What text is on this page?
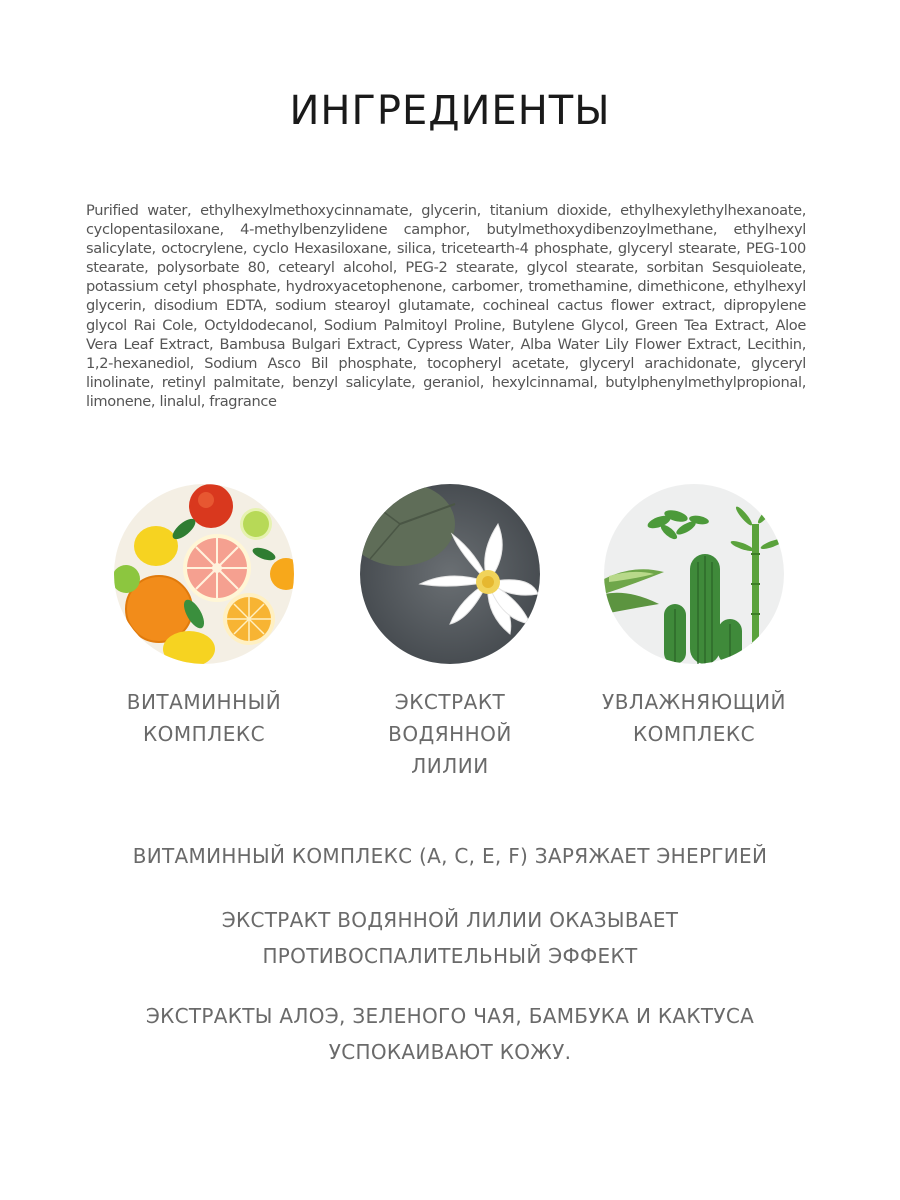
ИНГРЕДИЕНТЫ

Purified water, ethylhexylmethoxycinnamate, glycerin, titanium dioxide, ethylhexylethylhexanoate, cyclopentasiloxane, 4-methylbenzylidene camphor, butylmethoxydibenzoylmethane, ethylhexyl salicylate, octocrylene, cyclo Hexasiloxane, silica, tricetearth-4 phosphate, glyceryl stearate, PEG-100 stearate, polysorbate 80, cetearyl alcohol, PEG-2 stearate, glycol stearate, sorbitan Sesquioleate, potassium cetyl phosphate, hydroxyacetophenone, carbomer, tromethamine, dimethicone, ethylhexyl glycerin, disodium EDTA, sodium stearoyl glutamate, cochineal cactus flower extract, dipropylene glycol Rai Cole, Octyldodecanol, Sodium Palmitoyl Proline, Butylene Glycol, Green Tea Extract, Aloe Vera Leaf Extract, Bambusa Bulgari Extract, Cypress Water, Alba Water Lily Flower Extract, Lecithin, 1,2-hexanediol, Sodium Asco Bil phosphate, tocopheryl acetate, glyceryl arachidonate, glyceryl linolinate, retinyl palmitate, benzyl salicylate, geraniol, hexylcinnamal, butylphenylmethylpropional, limonene, linalul, fragrance

ВИТАМИННЫЙ
КОМПЛЕКС

ЭКСТРАКТ
ВОДЯННОЙ
ЛИЛИИ

УВЛАЖНЯЮЩИЙ
КОМПЛЕКС

ВИТАМИННЫЙ КОМПЛЕКС (А, С, Е, F) ЗАРЯЖАЕТ ЭНЕРГИЕЙ

ЭКСТРАКТ ВОДЯННОЙ ЛИЛИИ ОКАЗЫВАЕТ
ПРОТИВОСПАЛИТЕЛЬНЫЙ ЭФФЕКТ

ЭКСТРАКТЫ АЛОЭ, ЗЕЛЕНОГО ЧАЯ, БАМБУКА И КАКТУСА
УСПОКАИВАЮТ КОЖУ.
